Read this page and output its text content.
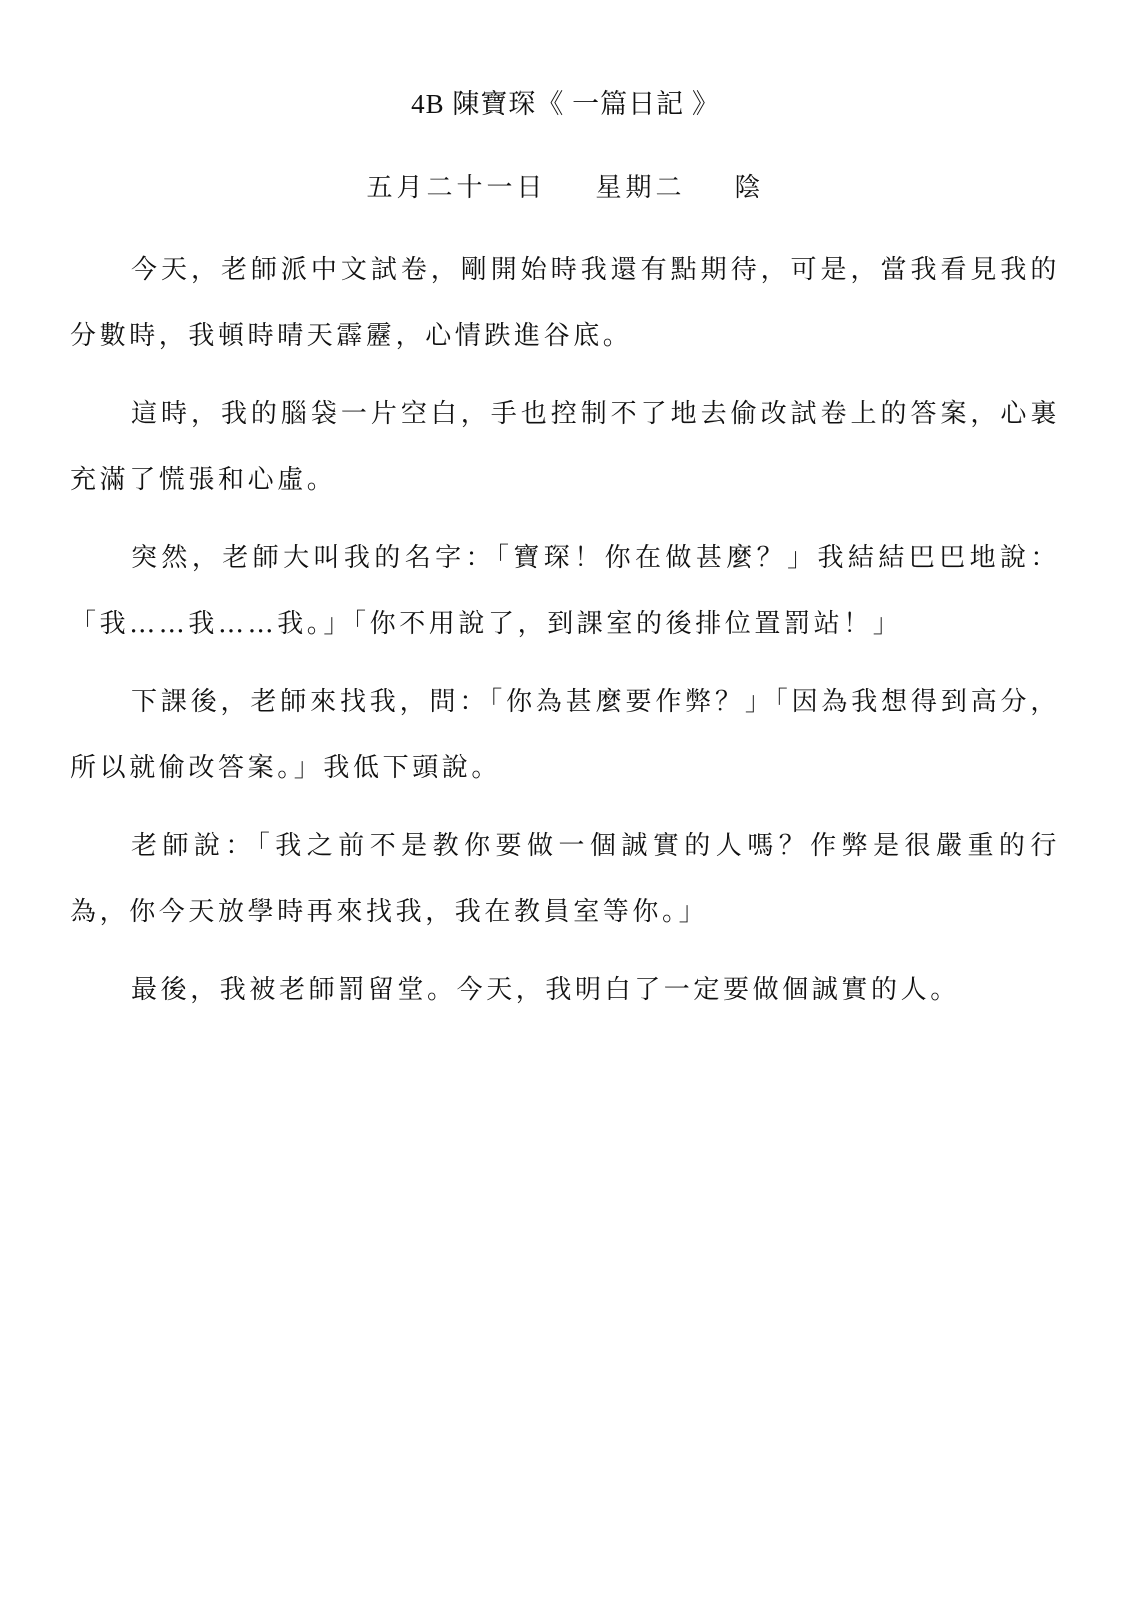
4B 陳寶琛《 一篇日記 》
五月二十一日    星期二    陰

今天，老師派中文試卷，剛開始時我還有點期待，可是，當我看見我的分數時，我頓時晴天霹靂，心情跌進谷底。

這時，我的腦袋一片空白，手也控制不了地去偷改試卷上的答案，心裏充滿了慌張和心虛。

突然，老師大叫我的名字：「寶琛！你在做甚麼？」我結結巴巴地說：「我……我……我。」「你不用說了，到課室的後排位置罰站！」

下課後，老師來找我，問：「你為甚麼要作弊？」「因為我想得到高分，所以就偷改答案。」我低下頭說。

老師說：「我之前不是教你要做一個誠實的人嗎？作弊是很嚴重的行為，你今天放學時再來找我，我在教員室等你。」

最後，我被老師罰留堂。今天，我明白了一定要做個誠實的人。
